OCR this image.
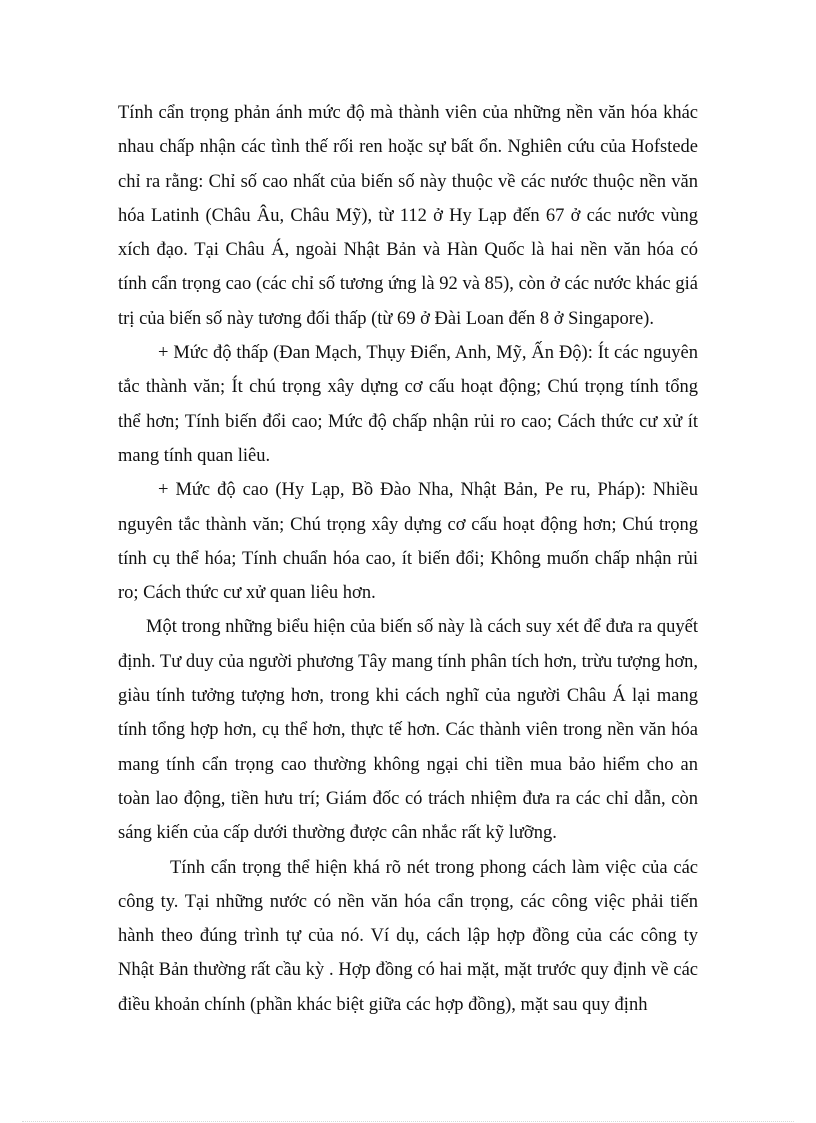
Tính cẩn trọng phản ánh mức độ mà thành viên của những nền văn hóa khác nhau chấp nhận các tình thế rối ren hoặc sự bất ổn. Nghiên cứu của Hofstede chỉ ra rằng: Chỉ số cao nhất của biến số này thuộc về các nước thuộc nền văn hóa Latinh (Châu Âu, Châu Mỹ), từ 112 ở Hy Lạp đến 67 ở các nước vùng xích đạo. Tại Châu Á, ngoài Nhật Bản và Hàn Quốc là hai nền văn hóa có tính cẩn trọng cao (các chỉ số tương ứng là 92 và 85), còn ở các nước khác giá trị của biến số này tương đối thấp (từ 69 ở Đài Loan đến 8 ở Singapore).

+ Mức độ thấp (Đan Mạch, Thụy Điển, Anh, Mỹ, Ấn Độ): Ít các nguyên tắc thành văn; Ít chú trọng xây dựng cơ cấu hoạt động; Chú trọng tính tổng thể hơn; Tính biến đổi cao; Mức độ chấp nhận rủi ro cao; Cách thức cư xử ít mang tính quan liêu.

+ Mức độ cao (Hy Lạp, Bồ Đào Nha, Nhật Bản, Pe ru, Pháp): Nhiều nguyên tắc thành văn; Chú trọng xây dựng cơ cấu hoạt động hơn; Chú trọng tính cụ thể hóa; Tính chuẩn hóa cao, ít biến đổi; Không muốn chấp nhận rủi ro; Cách thức cư xử quan liêu hơn.

Một trong những biểu hiện của biến số này là cách suy xét để đưa ra quyết định. Tư duy của người phương Tây mang tính phân tích hơn, trừu tượng hơn, giàu tính tưởng tượng hơn, trong khi cách nghĩ của người Châu Á lại mang tính tổng hợp hơn, cụ thể hơn, thực tế hơn. Các thành viên trong nền văn hóa mang tính cẩn trọng cao thường không ngại chi tiền mua bảo hiểm cho an toàn lao động, tiền hưu trí; Giám đốc có trách nhiệm đưa ra các chỉ dẫn, còn sáng kiến của cấp dưới thường được cân nhắc rất kỹ lưỡng.

Tính cẩn trọng thể hiện khá rõ nét trong phong cách làm việc của các công ty. Tại những nước có nền văn hóa cẩn trọng, các công việc phải tiến hành theo đúng trình tự của nó. Ví dụ, cách lập hợp đồng của các công ty Nhật Bản thường rất cầu kỳ . Hợp đồng có hai mặt, mặt trước quy định về các điều khoản chính (phần khác biệt giữa các hợp đồng), mặt sau quy định
